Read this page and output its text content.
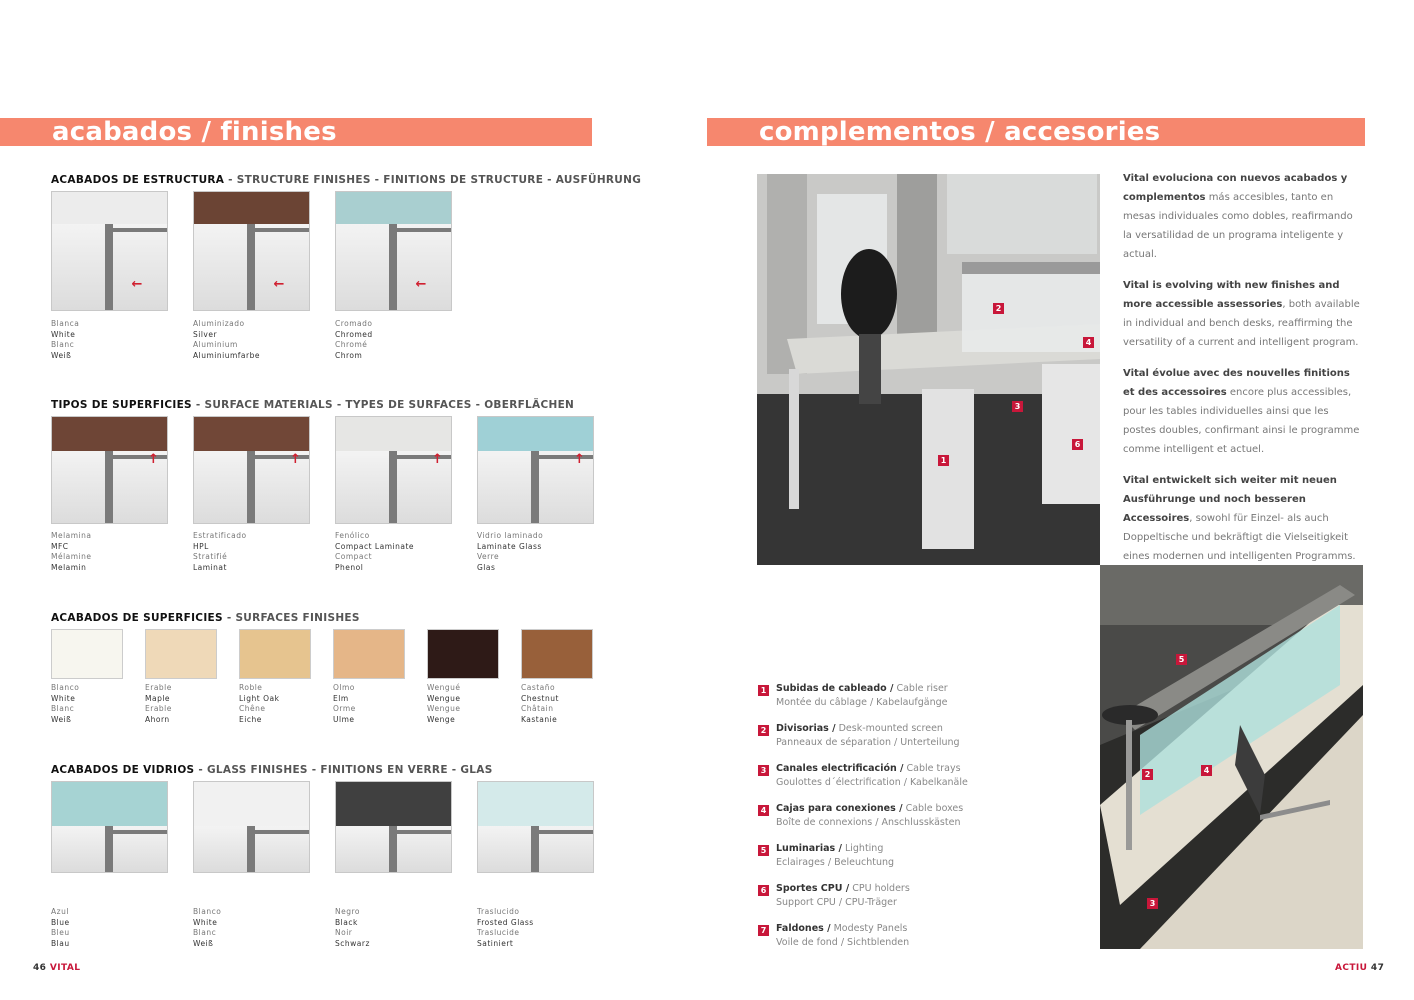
acabados / finishes
ACABADOS DE ESTRUCTURA - STRUCTURE FINISHES - FINITIONS DE STRUCTURE - AUSFÜHRUNG
←
Blanca
White
Blanc
Weiß
←
Aluminizado
Silver
Aluminium
Aluminiumfarbe
←
Cromado
Chromed
Chromé
Chrom
TIPOS DE SUPERFICIES - SURFACE MATERIALS - TYPES DE SURFACES - OBERFLÄCHEN
↑
Melamina
MFC
Mélamine
Melamin
↑
Estratificado
HPL
Stratifié
Laminat
↑
Fenólico
Compact Laminate
Compact
Phenol
↑
Vidrio laminado
Laminate Glass
Verre
Glas
ACABADOS DE SUPERFICIES - SURFACES FINISHES
Blanco
White
Blanc
Weiß
Erable
Maple
Erable
Ahorn
Roble
Light Oak
Chêne
Eiche
Olmo
Elm
Orme
Ulme
Wengué
Wengue
Wengue
Wenge
Castaño
Chestnut
Châtain
Kastanie
ACABADOS DE VIDRIOS - GLASS FINISHES - FINITIONS EN VERRE - GLAS
Azul
Blue
Bleu
Blau
Blanco
White
Blanc
Weiß
Negro
Black
Noir
Schwarz
Traslucido
Frosted Glass
Traslucide
Satiniert
46 VITAL
complementos / accesories
2
4
3
6
1
5
2	4
3

Vital evoluciona con nuevos acabados y complementos más accesibles, tanto en mesas individuales como dobles, reafirmando la versatilidad de un programa inteligente y actual.

Vital is evolving with new finishes and more accessible assessories, both available in individual and bench desks, reaffirming the versatility of a current and intelligent program.

Vital évolue avec des nouvelles finitions et des accessoires encore plus accessibles, pour les tables individuelles ainsi que les postes doubles, confirmant ainsi le programme comme intelligent et actuel.

Vital entwickelt sich weiter mit neuen Ausführunge und noch besseren Accessoires, sowohl für Einzel- als auch Doppeltische und bekräftigt die Vielseitigkeit eines modernen und intelligenten Programms.

1 Subidas de cableado / Cable riser
Montée du câblage / Kabelaufgänge
2 Divisorias / Desk-mounted screen
Panneaux de séparation / Unterteilung
3 Canales electrificación / Cable trays
Goulottes d´électrification / Kabelkanäle
4 Cajas para conexiones / Cable boxes
Boîte de connexions / Anschlusskästen
5 Luminarias / Lighting
Eclairages / Beleuchtung
6 Sportes CPU / CPU holders
Support CPU / CPU-Träger
7 Faldones / Modesty Panels
Voile de fond / Sichtblenden
ACTIU 47
